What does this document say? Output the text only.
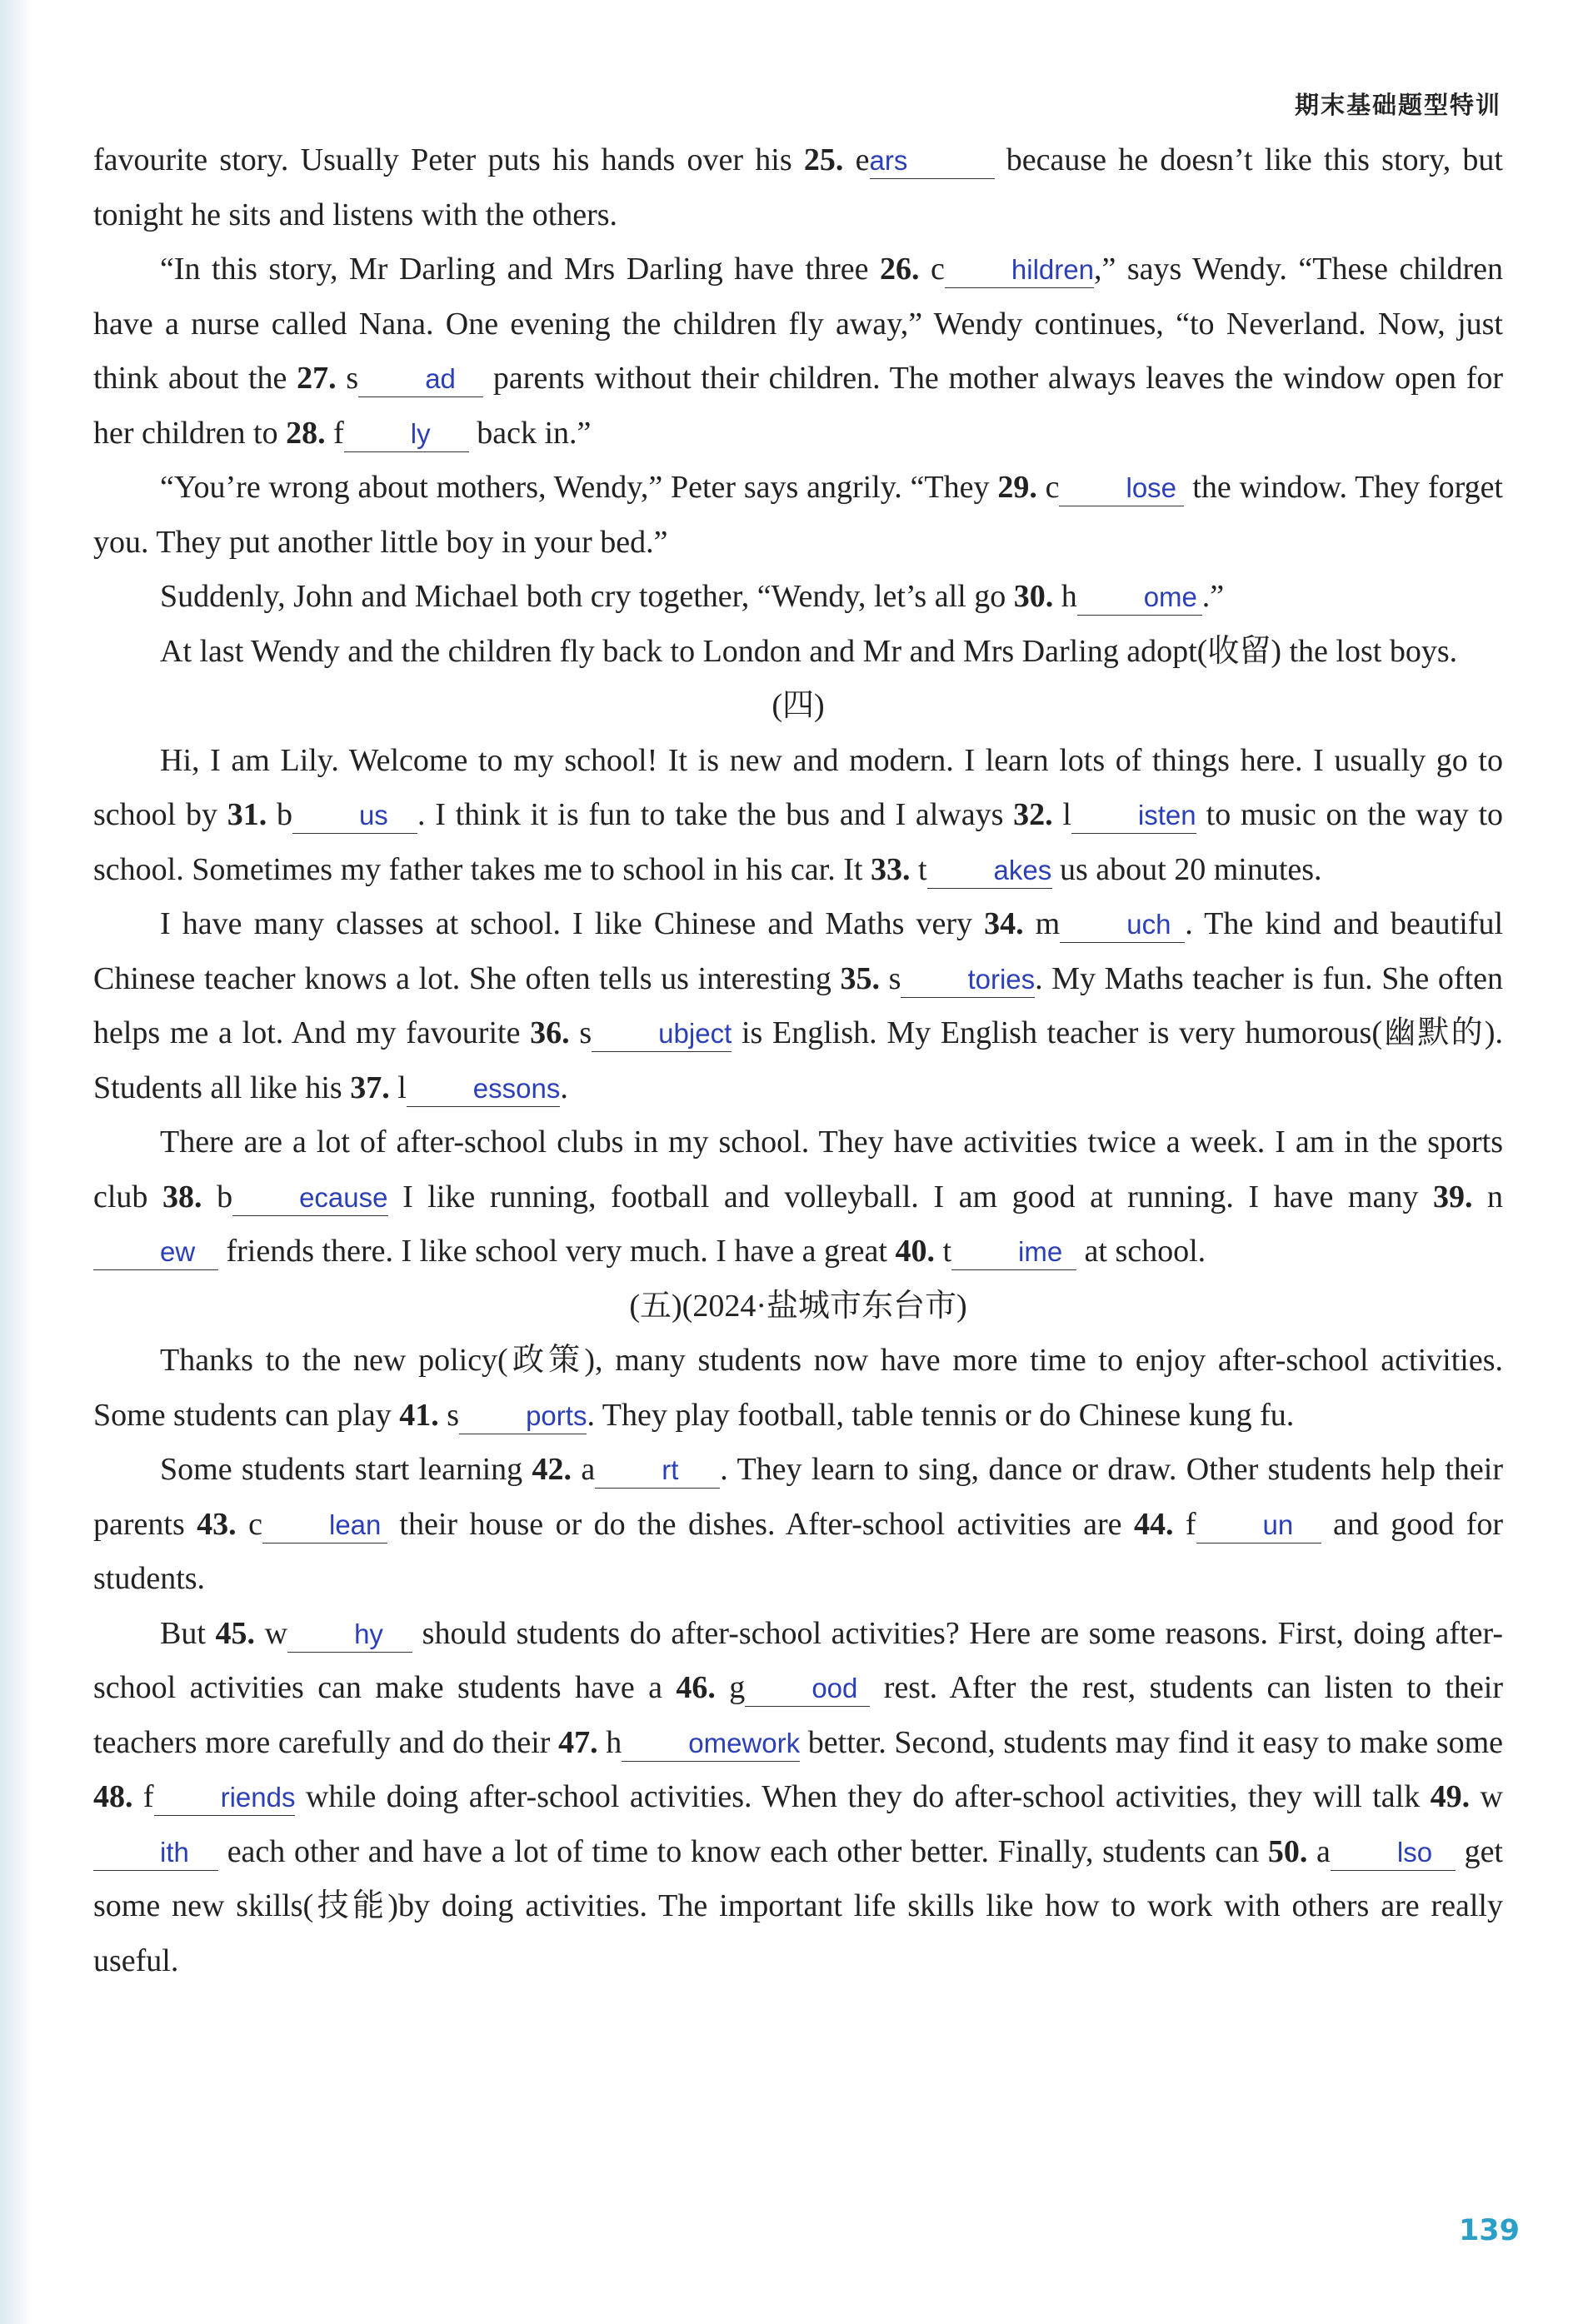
期末基础题型特训

favourite story. Usually Peter puts his hands over his 25. ears	because he doesn’t like this story, but tonight he sits and listens with the others.

“In this story, Mr Darling and Mrs Darling have three 26. c hildren,” says Wendy. “These children have a nurse called Nana. One evening the children fly away,” Wendy continues, “to Neverland. Now, just think about the 27. s ad parents without their children. The mother always leaves the window open for her children to 28. f ly back in.”

“You’re wrong about mothers, Wendy,” Peter says angrily. “They 29. c lose the window. They forget you. They put another little boy in your bed.”

Suddenly, John and Michael both cry together, “Wendy, let’s all go 30. h ome .”

At last Wendy and the children fly back to London and Mr and Mrs Darling adopt(收留) the lost boys.

(四)

Hi, I am Lily. Welcome to my school! It is new and modern. I learn lots of things here. I usually go to school by 31. b us . I think it is fun to take the bus and I always 32. l isten to music on the way to school. Sometimes my father takes me to school in his car. It 33. t akes us about 20 minutes.

I have many classes at school. I like Chinese and Maths very 34. m uch . The kind and beautiful Chinese teacher knows a lot. She often tells us interesting 35. s tories. My Maths teacher is fun. She often helps me a lot. And my favourite 36. s ubject is English. My English teacher is very humorous(幽默的). Students all like his 37. l essons.

There are a lot of after-school clubs in my school. They have activities twice a week. I am in the sports club 38. b ecause I like running, football and volleyball. I am good at running. I have many 39. new friends there. I like school very much. I have a great 40. t ime at school.

(五)(2024·盐城市东台市)

Thanks to the new policy(政策), many students now have more time to enjoy after-school activities. Some students can play 41. s ports. They play football, table tennis or do Chinese kung fu.

Some students start learning 42. a rt . They learn to sing, dance or draw. Other students help their parents 43. c lean their house or do the dishes. After-school activities are 44. f un and good for students.

But 45. w hy should students do after-school activities? Here are some reasons. First, doing after-school activities can make students have a 46. g ood rest. After the rest, students can listen to their teachers more carefully and do their 47. h omework better. Second, students may find it easy to make some 48. f riends while doing after-school activities. When they do after-school activities, they will talk 49. with each other and have a lot of time to know each other better. Finally, students can 50. a lso get some new skills(技能)by doing activities. The important life skills like how to work with others are really useful.

139
